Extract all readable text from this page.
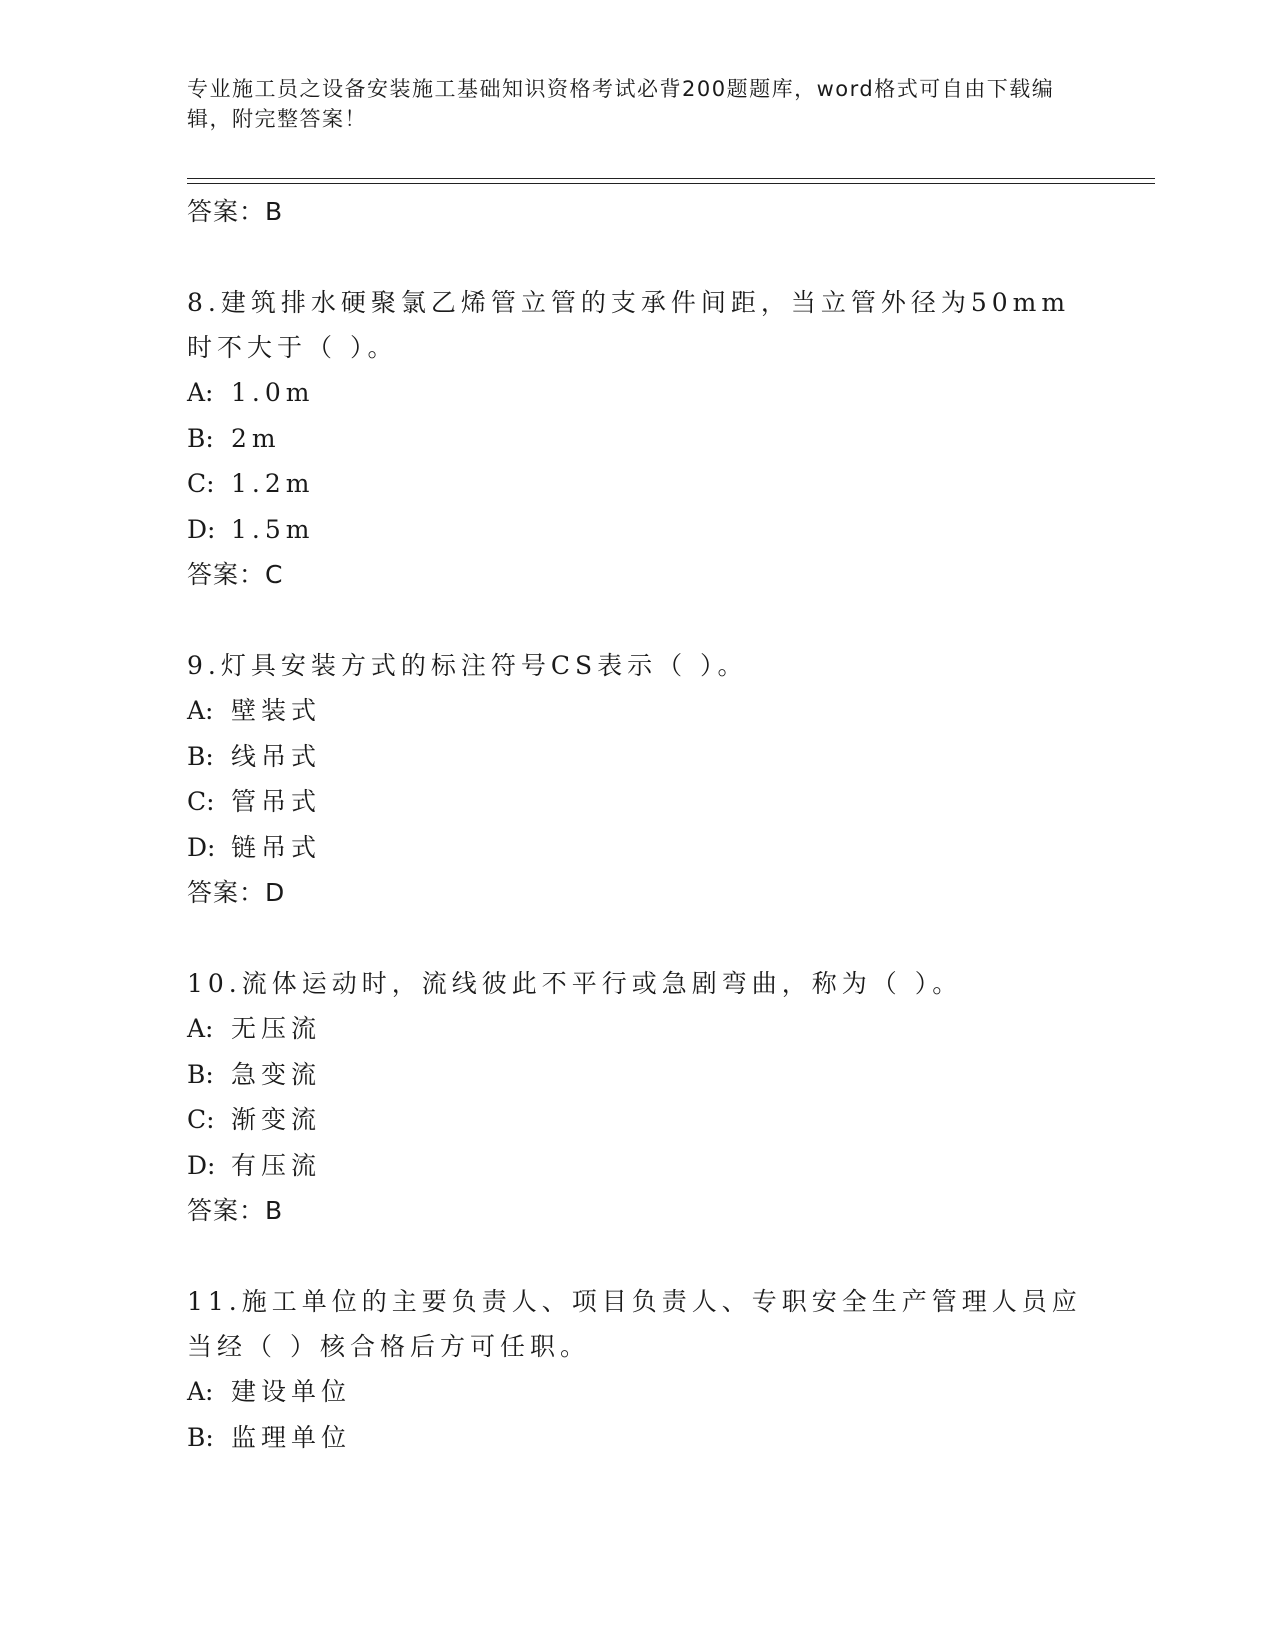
专业施工员之设备安装施工基础知识资格考试必背200题题库，word格式可自由下载编辑，附完整答案！
答案：B
8.建筑排水硬聚氯乙烯管立管的支承件间距，当立管外径为50mm时不大于（ ）。
A: 1.0m
B: 2m
C: 1.2m
D: 1.5m
答案：C
9.灯具安装方式的标注符号CS表示（ ）。
A: 壁装式
B: 线吊式
C: 管吊式
D: 链吊式
答案：D
10.流体运动时，流线彼此不平行或急剧弯曲，称为（ ）。
A: 无压流
B: 急变流
C: 渐变流
D: 有压流
答案：B
11.施工单位的主要负责人、项目负责人、专职安全生产管理人员应当经（ ）核合格后方可任职。
A: 建设单位
B: 监理单位
